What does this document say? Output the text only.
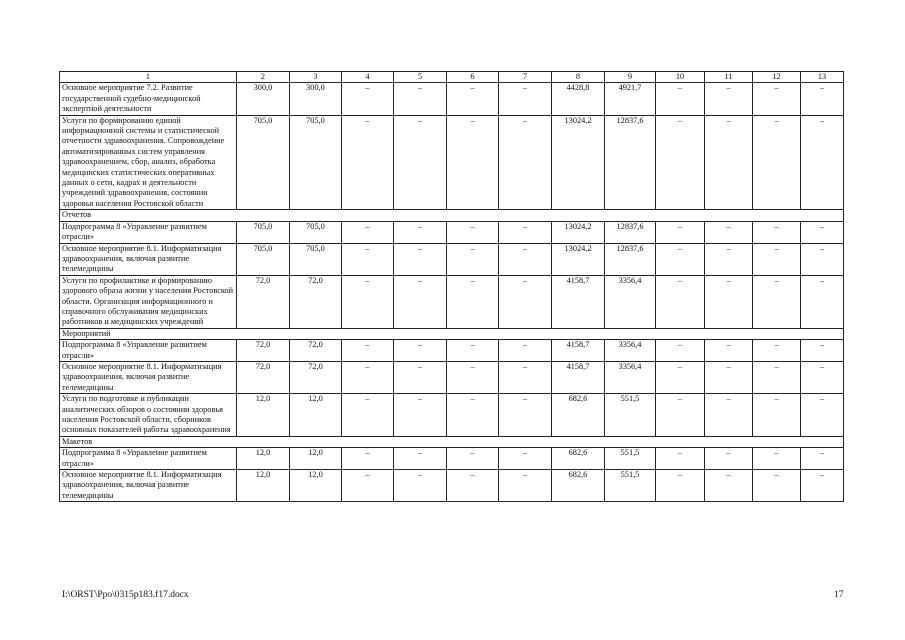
1	2	3	4	5	6	7	8	9	10	11	12	13
Основное мероприятие 7.2. Развитие государственной судебно-медицинской экспертной деятельности	300,0	300,0	–	–	–	–	4428,8	4921,7	–	–	–	–
Услуги по формированию единой информационной системы и статистической отчетности здравоохранения. Сопровождение автоматизированных систем управления здравоохранением, сбор, анализ, обработка медицинских статистических оперативных данных о сети, кадрах и деятельности учреждений здравоохранения, состоянии здоровья населения Ростовской области	705,0	705,0	–	–	–	–	13024,2	12837,6	–	–	–	–
Отчетов												
Подпрограмма 8 «Управление развитием отрасли»	705,0	705,0	–	–	–	–	13024,2	12837,6	–	–	–	–
Основное мероприятие 8.1. Информатизация здравоохранения, включая развитие телемедицины	705,0	705,0	–	–	–	–	13024,2	12837,6	–	–	–	–
Услуги по профилактике и формированию здорового образа жизни у населения Ростовской области. Организация информационного и справочного обслуживания медицинских работников и медицинских учреждений	72,0	72,0	–	–	–	–	4158,7	3356,4	–	–	–	–
Мероприятий												
Подпрограмма 8 «Управление развитием отрасли»	72,0	72,0	–	–	–	–	4158,7	3356,4	–	–	–	–
Основное мероприятие 8.1. Информатизация здравоохранения, включая развитие телемедицины	72,0	72,0	–	–	–	–	4158,7	3356,4	–	–	–	–
Услуги по подготовке и публикации аналитических обзоров о состоянии здоровья населения Ростовской области, сборников основных показателей работы здравоохранения	12,0	12,0	–	–	–	–	682,6	551,5	–	–	–	–
Макетов												
Подпрограмма 8 «Управление развитием отрасли»	12,0	12,0	–	–	–	–	682,6	551,5	–	–	–	–
Основное мероприятие 8.1. Информатизация здравоохранения, включая развитие телемедицины	12,0	12,0	–	–	–	–	682,6	551,5	–	–	–	–
I:\ORST\Ppo\0315p183.f17.docx	17
